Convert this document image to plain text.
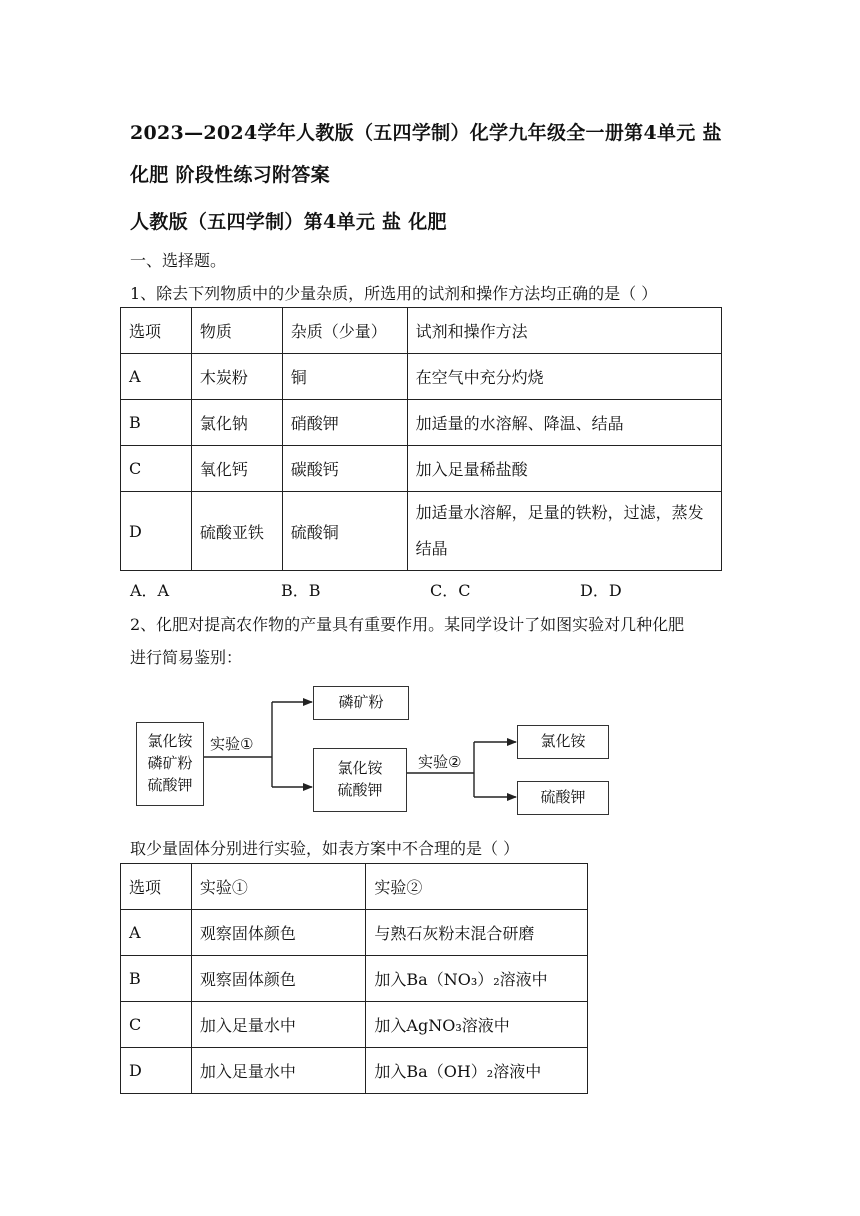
2023—2024学年人教版（五四学制）化学九年级全一册第4单元 盐
化肥 阶段性练习附答案
人教版（五四学制）第4单元 盐 化肥
一、选择题。
1、除去下列物质中的少量杂质，所选用的试剂和操作方法均正确的是（ ）
选项	物质	杂质（少量）	试剂和操作方法
A	木炭粉	铜	在空气中充分灼烧
B	氯化钠	硝酸钾	加适量的水溶解、降温、结晶
C	氧化钙	碳酸钙	加入足量稀盐酸
D	硫酸亚铁	硫酸铜	加适量水溶解，足量的铁粉，过滤，蒸发结晶
A．A	B．B	C．C	D．D
2、化肥对提高农作物的产量具有重要作用。某同学设计了如图实验对几种化肥
进行简易鉴别：
氯化铵
磷矿粉
硫酸钾
实验①
磷矿粉
氯化铵
硫酸钾
实验②
氯化铵
硫酸钾
取少量固体分别进行实验，如表方案中不合理的是（ ）
选项	实验①	实验②
A	观察固体颜色	与熟石灰粉末混合研磨
B	观察固体颜色	加入Ba（NO₃）₂溶液中
C	加入足量水中	加入AgNO₃溶液中
D	加入足量水中	加入Ba（OH）₂溶液中
